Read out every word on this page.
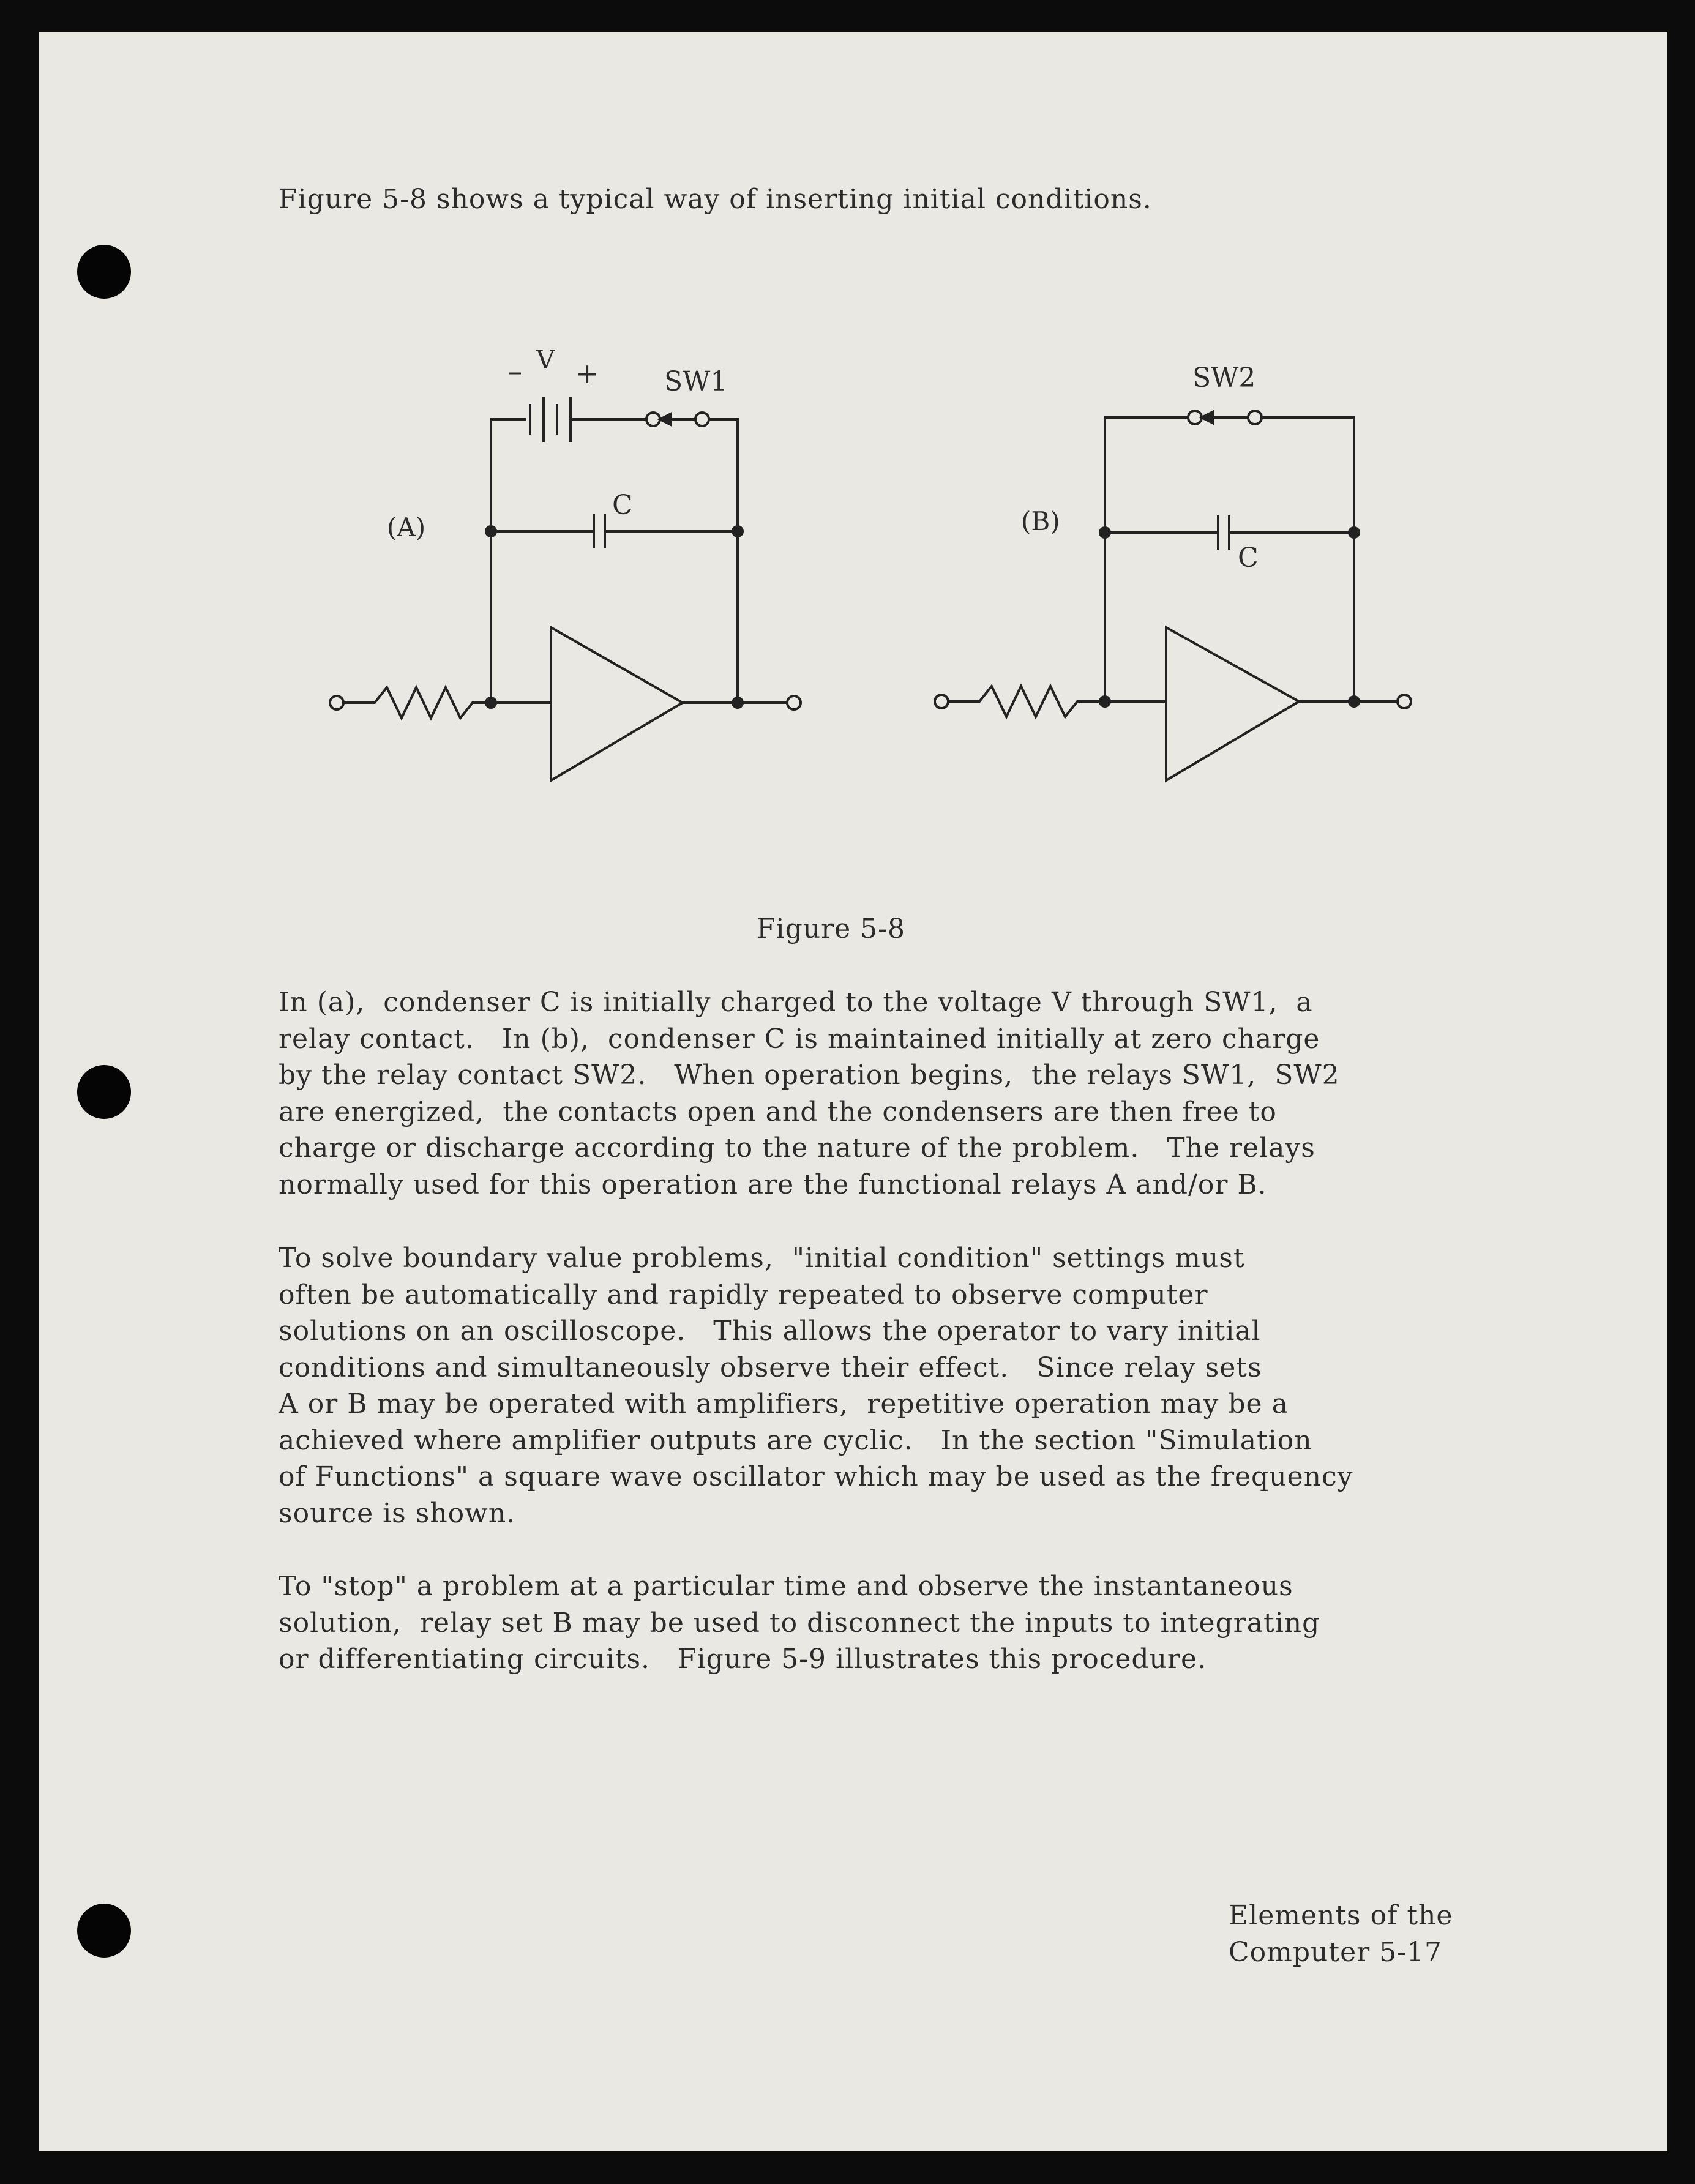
Figure 5-8 shows a typical way of inserting initial conditions.
(A)
– V + SW1
C
(B)
SW2
C
Figure 5-8
In (a),  condenser C is initially charged to the voltage V through SW1,  a
relay contact.   In (b),  condenser C is maintained initially at zero charge
by the relay contact SW2.   When operation begins,  the relays SW1,  SW2
are energized,  the contacts open and the condensers are then free to
charge or discharge according to the nature of the problem.   The relays
normally used for this operation are the functional relays A and/or B.
To solve boundary value problems,  "initial condition" settings must
often be automatically and rapidly repeated to observe computer
solutions on an oscilloscope.   This allows the operator to vary initial
conditions and simultaneously observe their effect.   Since relay sets
A or B may be operated with amplifiers,  repetitive operation may be a
achieved where amplifier outputs are cyclic.   In the section "Simulation
of Functions" a square wave oscillator which may be used as the frequency
source is shown.
To "stop" a problem at a particular time and observe the instantaneous
solution,  relay set B may be used to disconnect the inputs to integrating
or differentiating circuits.   Figure 5-9 illustrates this procedure.
Elements of the
Computer 5-17
